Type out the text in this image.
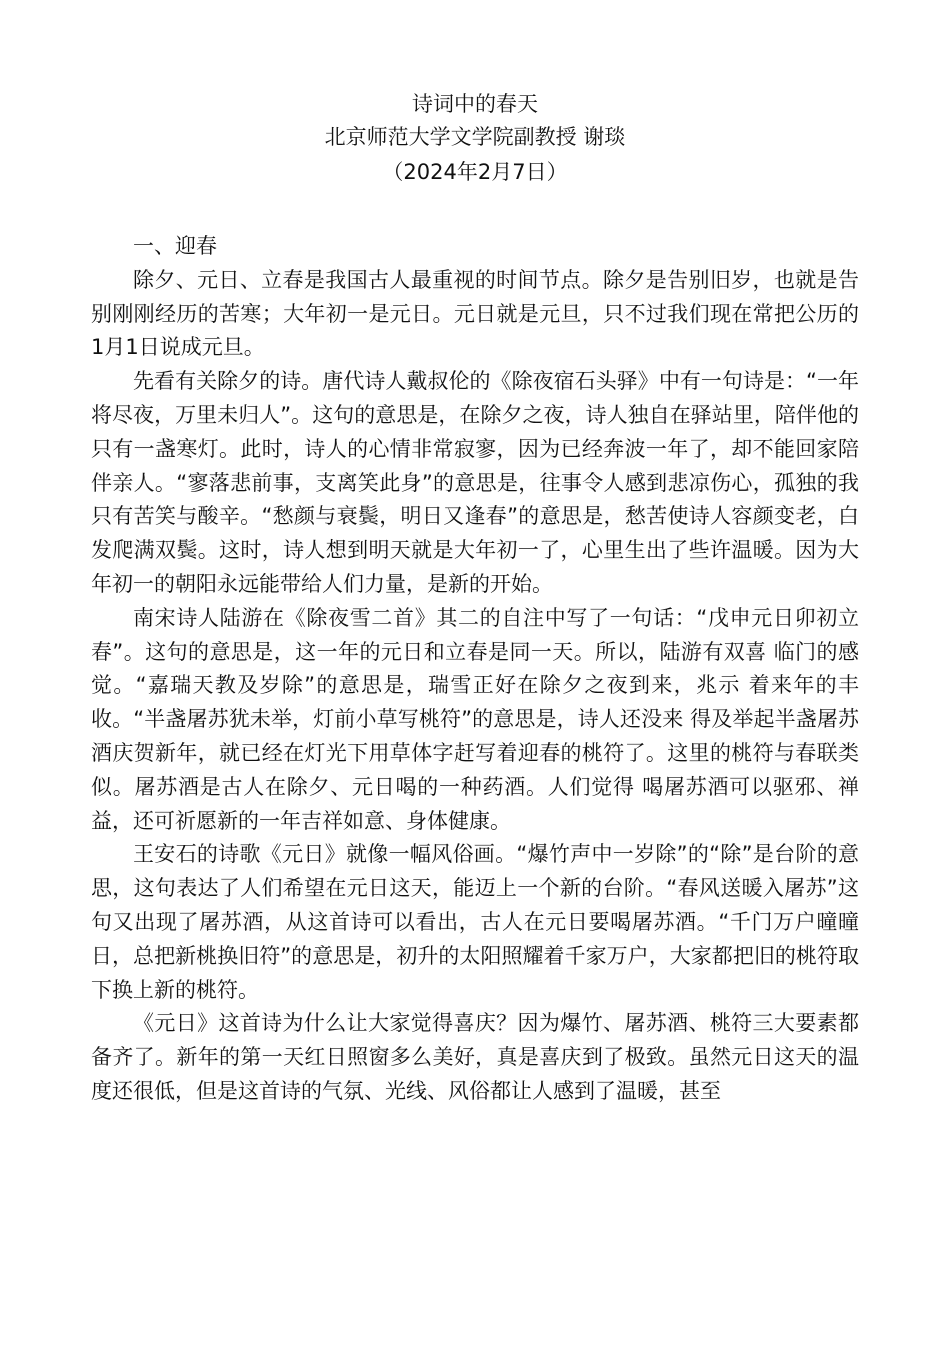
诗词中的春天
北京师范大学文学院副教授 谢琰
（2024年2月7日）

一、迎春

除夕、元日、立春是我国古人最重视的时间节点。除夕是告别旧岁，也就是告别刚刚经历的苦寒；大年初一是元日。元日就是元旦，只不过我们现在常把公历的1月1日说成元旦。

先看有关除夕的诗。唐代诗人戴叔伦的《除夜宿石头驿》中有一句诗是：“一年将尽夜，万里未归人”。这句的意思是，在除夕之夜，诗人独自在驿站里，陪伴他的只有一盏寒灯。此时，诗人的心情非常寂寥，因为已经奔波一年了，却不能回家陪伴亲人。“寥落悲前事，支离笑此身”的意思是，往事令人感到悲凉伤心，孤独的我只有苦笑与酸辛。“愁颜与衰鬓，明日又逢春”的意思是，愁苦使诗人容颜变老，白发爬满双鬓。这时，诗人想到明天就是大年初一了，心里生出了些许温暖。因为大年初一的朝阳永远能带给人们力量，是新的开始。

南宋诗人陆游在《除夜雪二首》其二的自注中写了一句话：“戊申元日卯初立春”。这句的意思是，这一年的元日和立春是同一天。所以，陆游有双喜 临门的感觉。“嘉瑞天教及岁除”的意思是，瑞雪正好在除夕之夜到来，兆示 着来年的丰收。“半盏屠苏犹未举，灯前小草写桃符”的意思是，诗人还没来 得及举起半盏屠苏酒庆贺新年，就已经在灯光下用草体字赶写着迎春的桃符了。这里的桃符与春联类似。屠苏酒是古人在除夕、元日喝的一种药酒。人们觉得 喝屠苏酒可以驱邪、禅益，还可祈愿新的一年吉祥如意、身体健康。

王安石的诗歌《元日》就像一幅风俗画。“爆竹声中一岁除”的“除”是台阶的意思，这句表达了人们希望在元日这天，能迈上一个新的台阶。“春风送暖入屠苏”这句又出现了屠苏酒，从这首诗可以看出，古人在元日要喝屠苏酒。“千门万户曈曈日，总把新桃换旧符”的意思是，初升的太阳照耀着千家万户，大家都把旧的桃符取下换上新的桃符。

《元日》这首诗为什么让大家觉得喜庆？因为爆竹、屠苏酒、桃符三大要素都备齐了。新年的第一天红日照窗多么美好，真是喜庆到了极致。虽然元日这天的温度还很低，但是这首诗的气氛、光线、风俗都让人感到了温暖，甚至
